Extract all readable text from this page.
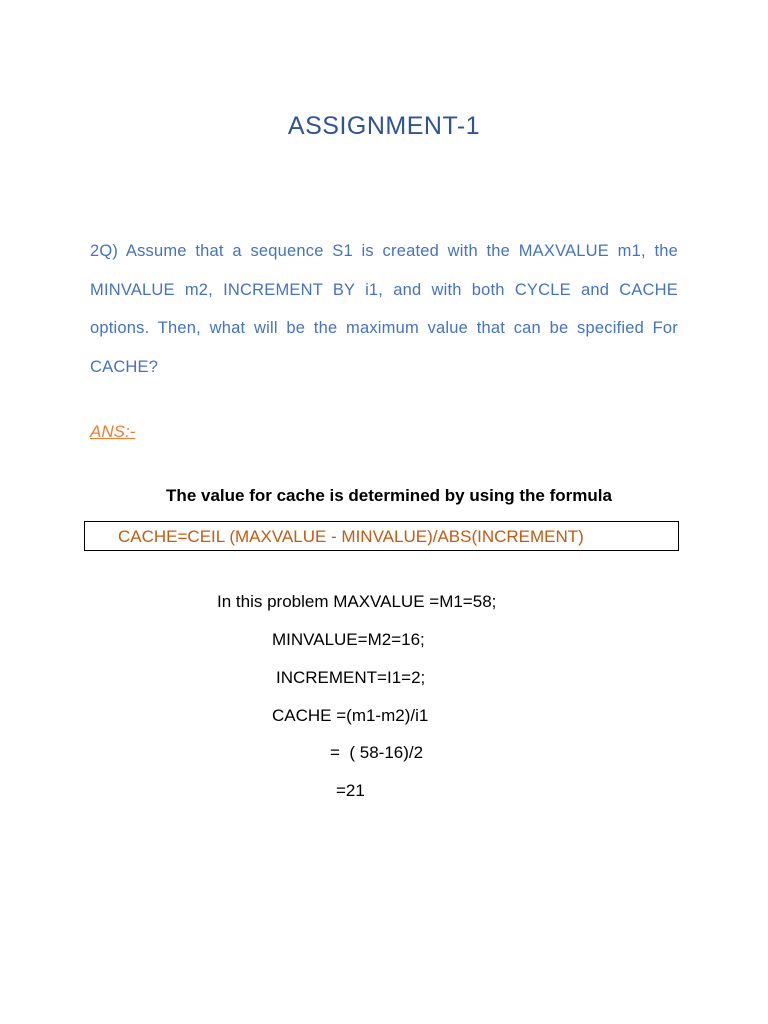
ASSIGNMENT-1
2Q) Assume that a sequence S1 is created with the MAXVALUE m1, the MINVALUE m2, INCREMENT BY i1, and with both CYCLE and CACHE options. Then, what will be the maximum value that can be specified For CACHE?
ANS:-
The value for cache is determined by using the formula
CACHE=CEIL (MAXVALUE - MINVALUE)/ABS(INCREMENT)
In this problem MAXVALUE =M1=58;
MINVALUE=M2=16;
INCREMENT=I1=2;
CACHE =(m1-m2)/i1
=  ( 58-16)/2
=21
